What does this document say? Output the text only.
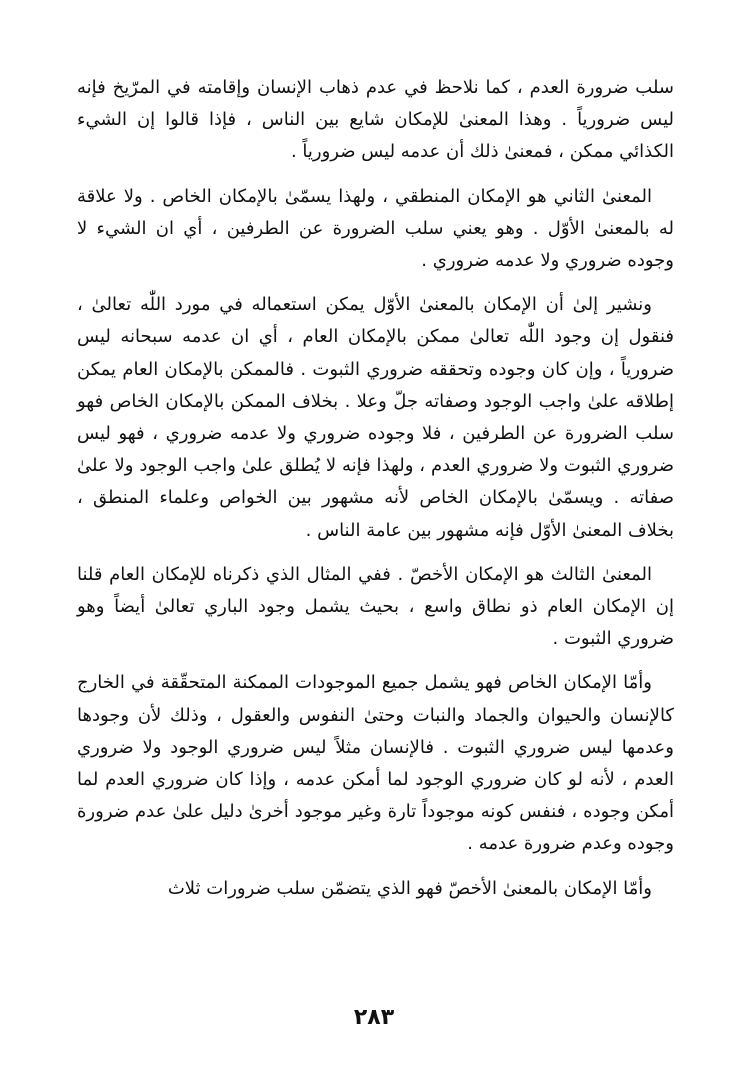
سلب ضرورة العدم ، كما نلاحظ في عدم ذهاب الإنسان وإقامته في المرّيخ فإنه ليس ضرورياً . وهذا المعنىٰ للإمكان شايع بين الناس ، فإذا قالوا إن الشيء الكذائي ممكن ، فمعنىٰ ذلك أن عدمه ليس ضرورياً .

المعنىٰ الثاني هو الإمكان المنطقي ، ولهذا يسمّىٰ بالإمكان الخاص . ولا علاقة له بالمعنىٰ الأوّل . وهو يعني سلب الضرورة عن الطرفين ، أي ان الشيء لا وجوده ضروري ولا عدمه ضروري .

ونشير إلىٰ أن الإمكان بالمعنىٰ الأوّل يمكن استعماله في مورد اللّٰه تعالىٰ ، فنقول إن وجود اللّٰه تعالىٰ ممكن بالإمكان العام ، أي ان عدمه سبحانه ليس ضرورياً ، وإن كان وجوده وتحققه ضروري الثبوت . فالممكن بالإمكان العام يمكن إطلاقه علىٰ واجب الوجود وصفاته جلّ وعلا . بخلاف الممكن بالإمكان الخاص فهو سلب الضرورة عن الطرفين ، فلا وجوده ضروري ولا عدمه ضروري ، فهو ليس ضروري الثبوت ولا ضروري العدم ، ولهذا فإنه لا يُطلق علىٰ واجب الوجود ولا علىٰ صفاته . ويسمّىٰ بالإمكان الخاص لأنه مشهور بين الخواص وعلماء المنطق ، بخلاف المعنىٰ الأوّل فإنه مشهور بين عامة الناس .

المعنىٰ الثالث هو الإمكان الأخصّ . ففي المثال الذي ذكرناه للإمكان العام قلنا إن الإمكان العام ذو نطاق واسع ، بحيث يشمل وجود الباري تعالىٰ أيضاً وهو ضروري الثبوت .

وأمّا الإمكان الخاص فهو يشمل جميع الموجودات الممكنة المتحقّقة في الخارج كالإنسان والحيوان والجماد والنبات وحتىٰ النفوس والعقول ، وذلك لأن وجودها وعدمها ليس ضروري الثبوت . فالإنسان مثلاً ليس ضروري الوجود ولا ضروري العدم ، لأنه لو كان ضروري الوجود لما أمكن عدمه ، وإذا كان ضروري العدم لما أمكن وجوده ، فنفس كونه موجوداً تارة وغير موجود أخرىٰ دليل علىٰ عدم ضرورة وجوده وعدم ضرورة عدمه .

وأمّا الإمكان بالمعنىٰ الأخصّ فهو الذي يتضمّن سلب ضرورات ثلاث

٢٨٣
